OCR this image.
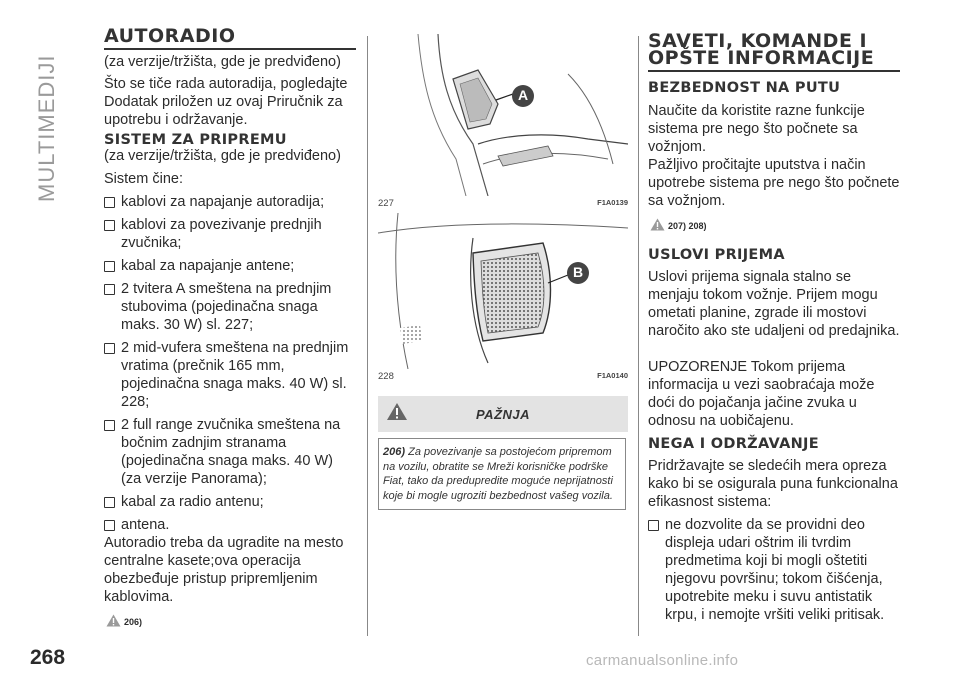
MULTIMEDIJI
268
AUTORADIO

(za verzije/tržišta, gde je predviđeno)

Što se tiče rada autoradija, pogledajte Dodatak priložen uz ovaj Priručnik za upotrebu i održavanje.

SISTEM ZA PRIPREMU

(za verzije/tržišta, gde je predviđeno)

Sistem čine:

kablovi za napajanje autoradija;

kablovi za povezivanje prednjih zvučnika;

kabal za napajanje antene;

2 tvitera A smeštena na prednjim stubovima (pojedinačna snaga maks. 30 W) sl. 227;

2 mid-vufera smeštena na prednjim vratima (prečnik 165 mm, pojedinačna snaga maks. 40 W) sl. 228;

2 full range zvučnika smeštena na bočnim zadnjim stranama (pojedinačna snaga maks. 40 W) (za verzije Panorama);

kabal za radio antenu;

antena.

Autoradio treba da ugradite na mesto centralne kasete;ova operacija obezbeđuje pristup pripremljenim kablovima.

206)
A
227	F1A0139
B
228	F1A0140
PAŽNJA
206) Za povezivanje sa postojećom pripremom na vozilu, obratite se Mreži korisničke podrške Fiat, tako da predupredite moguće neprijatnosti koje bi mogle ugroziti bezbednost vašeg vozila.
SAVETI, KOMANDE I OPŠTE INFORMACIJE
BEZBEDNOST NA PUTU

Naučite da koristite razne funkcije sistema pre nego što počnete sa vožnjom.

Pažljivo pročitajte uputstva i način upotrebe sistema pre nego što počnete sa vožnjom.

207) 208)
USLOVI PRIJEMA

Uslovi prijema signala stalno se menjaju tokom vožnje. Prijem mogu ometati planine, zgrade ili mostovi naročito ako ste udaljeni od predajnika.

UPOZORENJE Tokom prijema informacija u vezi saobraćaja može doći do pojačanja jačine zvuka u odnosu na uobičajenu.

NEGA I ODRŽAVANJE

Pridržavajte se sledećih mera opreza kako bi se osigurala puna funkcionalna efikasnost sistema:

ne dozvolite da se providni deo displeja udari oštrim ili tvrdim predmetima koji bi mogli oštetiti njegovu površinu; tokom čišćenja, upotrebite meku i suvu antistatik krpu, i nemojte vršiti veliki pritisak.

carmanualsonline.info
